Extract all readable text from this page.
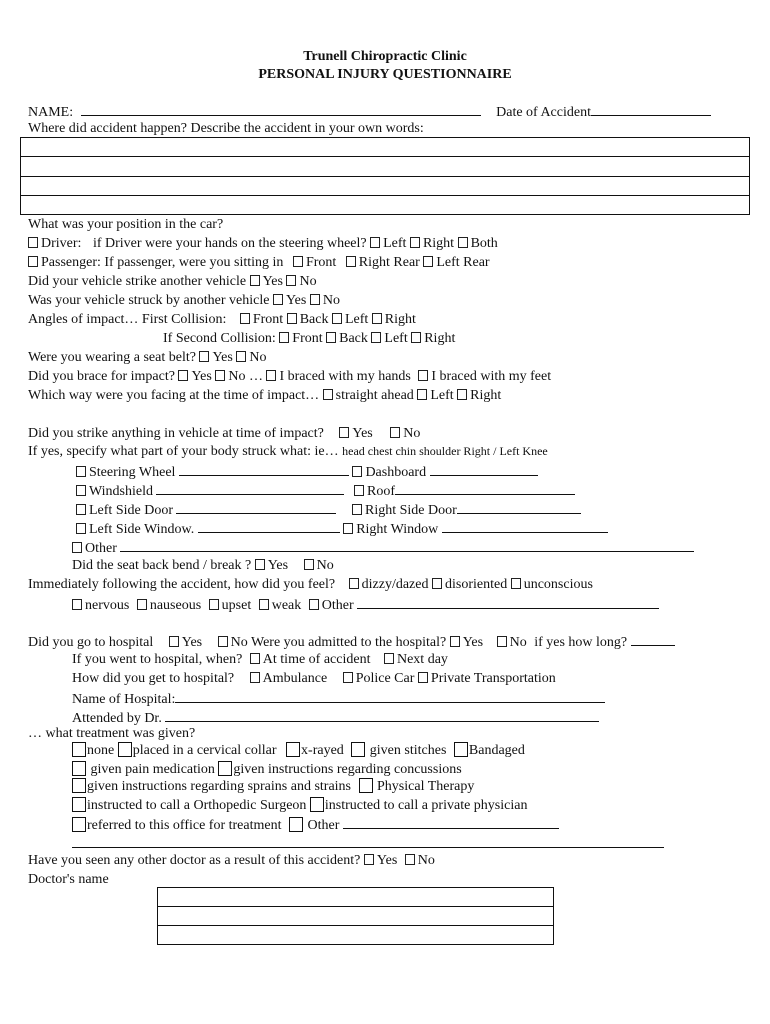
Trunell Chiropractic Clinic
PERSONAL INJURY QUESTIONNAIRE
NAME:	Date of Accident
Where did accident happen? Describe the accident in your own words:
What was your position in the car?
Driver: if Driver were your hands on the steering wheel? Left Right Both
Passenger: If passenger, were you sitting in Front Right Rear Left Rear
Did your vehicle strike another vehicle Yes No
Was your vehicle struck by another vehicle Yes No
Angles of impact… First Collision: Front Back Left Right
If Second Collision: Front Back Left Right
Were you wearing a seat belt? Yes No
Did you brace for impact? Yes No … I braced with my hands I braced with my feet
Which way were you facing at the time of impact… straight ahead Left Right
Did you strike anything in vehicle at time of impact? Yes No
If yes, specify what part of your body struck what: ie… head chest chin shoulder Right / Left Knee
Steering Wheel	Dashboard
Windshield	Roof
Left Side Door	Right Side Door
Left Side Window.	Right Window
Other
Did the seat back bend / break ? Yes No
Immediately following the accident, how did you feel? dizzy/dazed disoriented unconscious
nervous nauseous upset weak Other
Did you go to hospital Yes No Were you admitted to the hospital? Yes No if yes how long?
If you went to hospital, when? At time of accident Next day
How did you get to hospital? Ambulance Police Car Private Transportation
Name of Hospital:
Attended by Dr.
… what treatment was given?
none placed in a cervical collar x-rayed given stitches Bandaged
given pain medication given instructions regarding concussions
given instructions regarding sprains and strains Physical Therapy
instructed to call a Orthopedic Surgeon instructed to call a private physician
referred to this office for treatment Other
Have you seen any other doctor as a result of this accident? Yes No
Doctor's name
